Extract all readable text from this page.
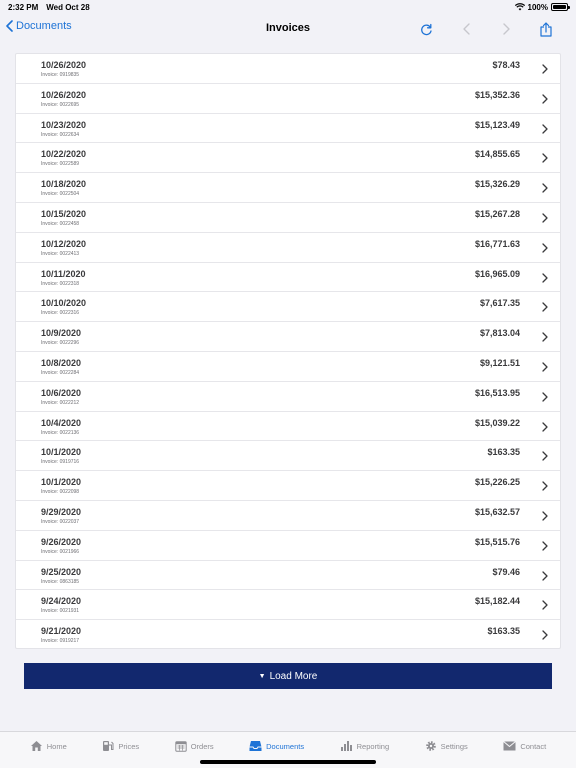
2:32 PM Wed Oct 28	100%
Documents	Invoices
10/26/2020
Invoice: 0919835
$78.43
10/26/2020
Invoice: 0022695
$15,352.36
10/23/2020
Invoice: 0022634
$15,123.49
10/22/2020
Invoice: 0022589
$14,855.65
10/18/2020
Invoice: 0022504
$15,326.29
10/15/2020
Invoice: 0022458
$15,267.28
10/12/2020
Invoice: 0022413
$16,771.63
10/11/2020
Invoice: 0022318
$16,965.09
10/10/2020
Invoice: 0022316
$7,617.35
10/9/2020
Invoice: 0022296
$7,813.04
10/8/2020
Invoice: 0022284
$9,121.51
10/6/2020
Invoice: 0022212
$16,513.95
10/4/2020
Invoice: 0022136
$15,039.22
10/1/2020
Invoice: 0919716
$163.35
10/1/2020
Invoice: 0022098
$15,226.25
9/29/2020
Invoice: 0022037
$15,632.57
9/26/2020
Invoice: 0021966
$15,515.76
9/25/2020
Invoice: 0863185
$79.46
9/24/2020
Invoice: 0021931
$15,182.44
9/21/2020
Invoice: 0919217
$163.35
▼ Load More
Home	Prices	Orders	Documents	Reporting	Settings	Contact
